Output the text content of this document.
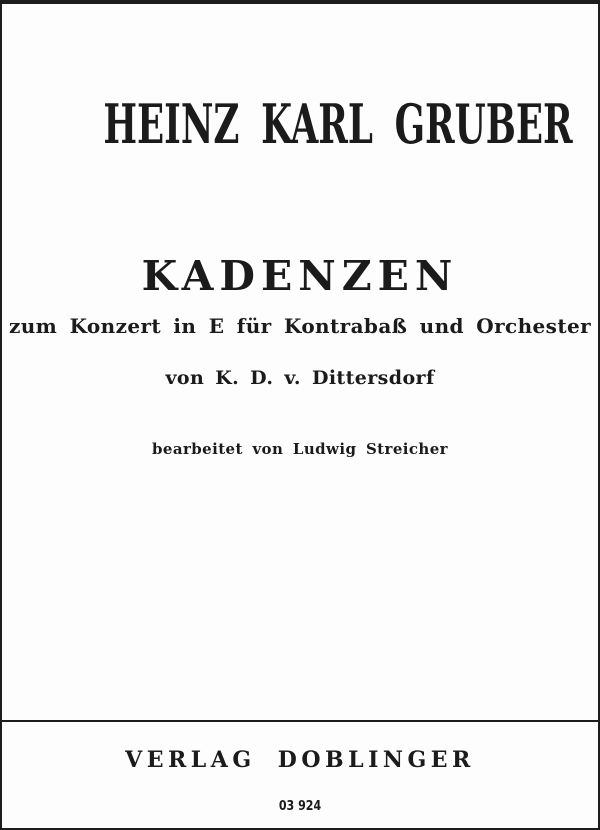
HEINZ KARL GRUBER
KADENZEN
zum Konzert in E für Kontrabaß und Orchester
von K. D. v. Dittersdorf
bearbeitet von Ludwig Streicher
VERLAG DOBLINGER
03 924
